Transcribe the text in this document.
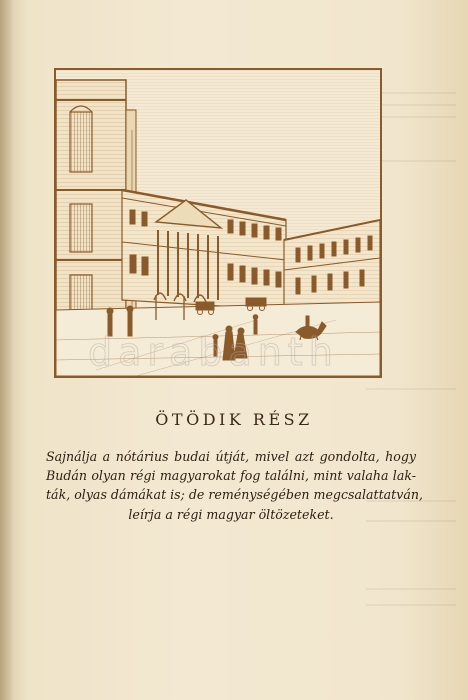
darabanth
ÖTÖDIK RÉSZ
Sajnálja a nótárius budai útját, mivel azt gondolta, hogy
Budán olyan régi magyarokat fog találni, mint valaha lak-
ták, olyas dámákat is; de reménységében megcsalattatván,
leírja a régi magyar öltözeteket.
